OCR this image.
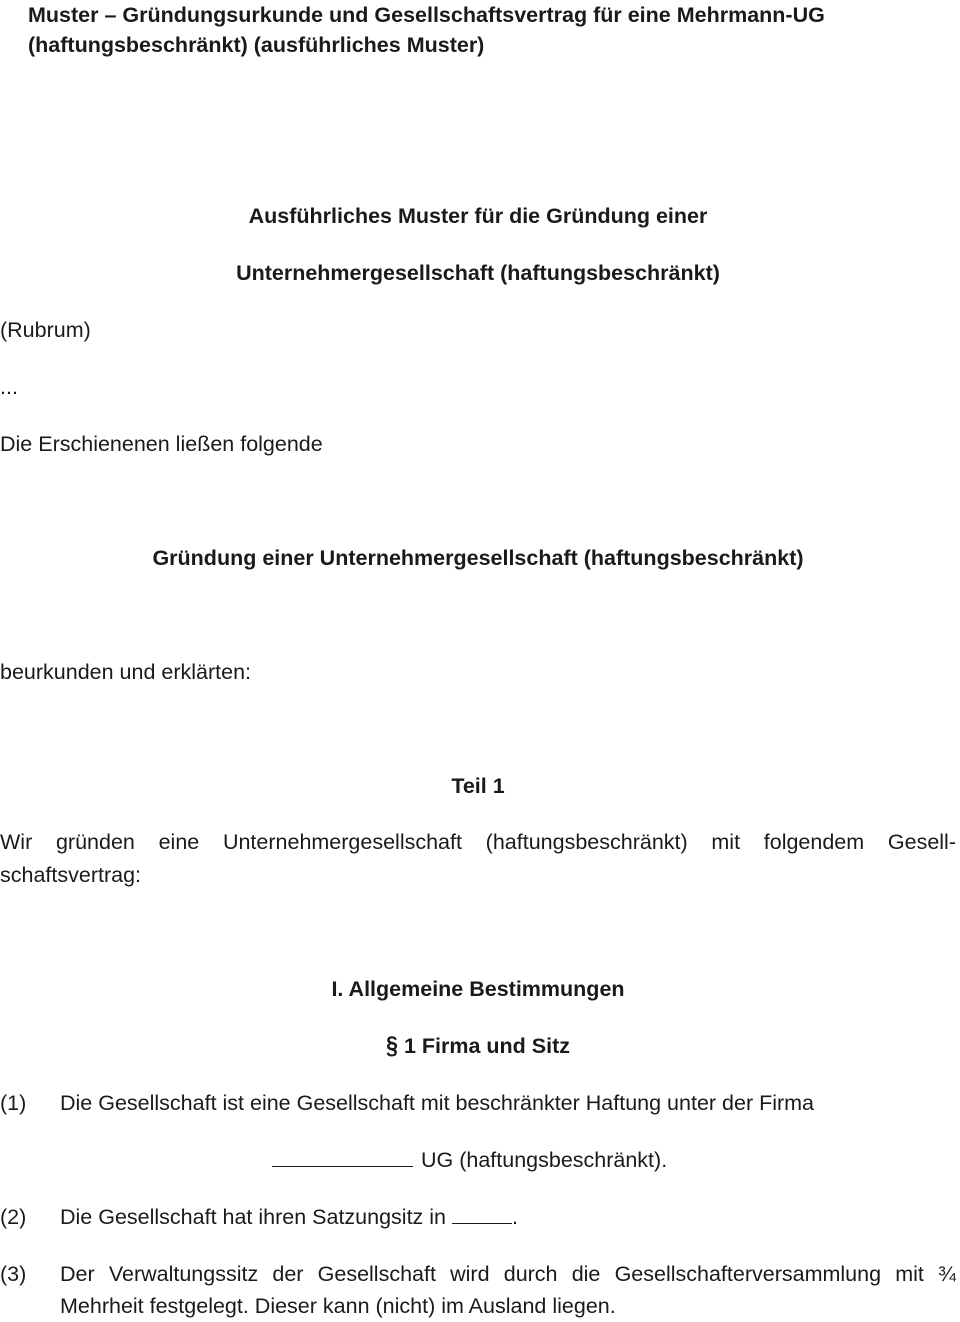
Muster – Gründungsurkunde und Gesellschaftsvertrag für eine Mehrmann-UG
(haftungsbeschränkt) (ausführliches Muster)
Ausführliches Muster für die Gründung einer
Unternehmergesellschaft (haftungsbeschränkt)
(Rubrum)
...
Die Erschienenen ließen folgende
Gründung einer Unternehmergesellschaft (haftungsbeschränkt)
beurkunden und erklärten:
Teil 1
Wir gründen eine Unternehmergesellschaft (haftungsbeschränkt) mit folgendem Gesell-schaftsvertrag:
I. Allgemeine Bestimmungen
§ 1 Firma und Sitz
(1) Die Gesellschaft ist eine Gesellschaft mit beschränkter Haftung unter der Firma
UG (haftungsbeschränkt).
(2) Die Gesellschaft hat ihren Satzungsitz in	.
(3) Der Verwaltungssitz der Gesellschaft wird durch die Gesellschafterversammlung mit ¾ Mehrheit festgelegt. Dieser kann (nicht) im Ausland liegen.
